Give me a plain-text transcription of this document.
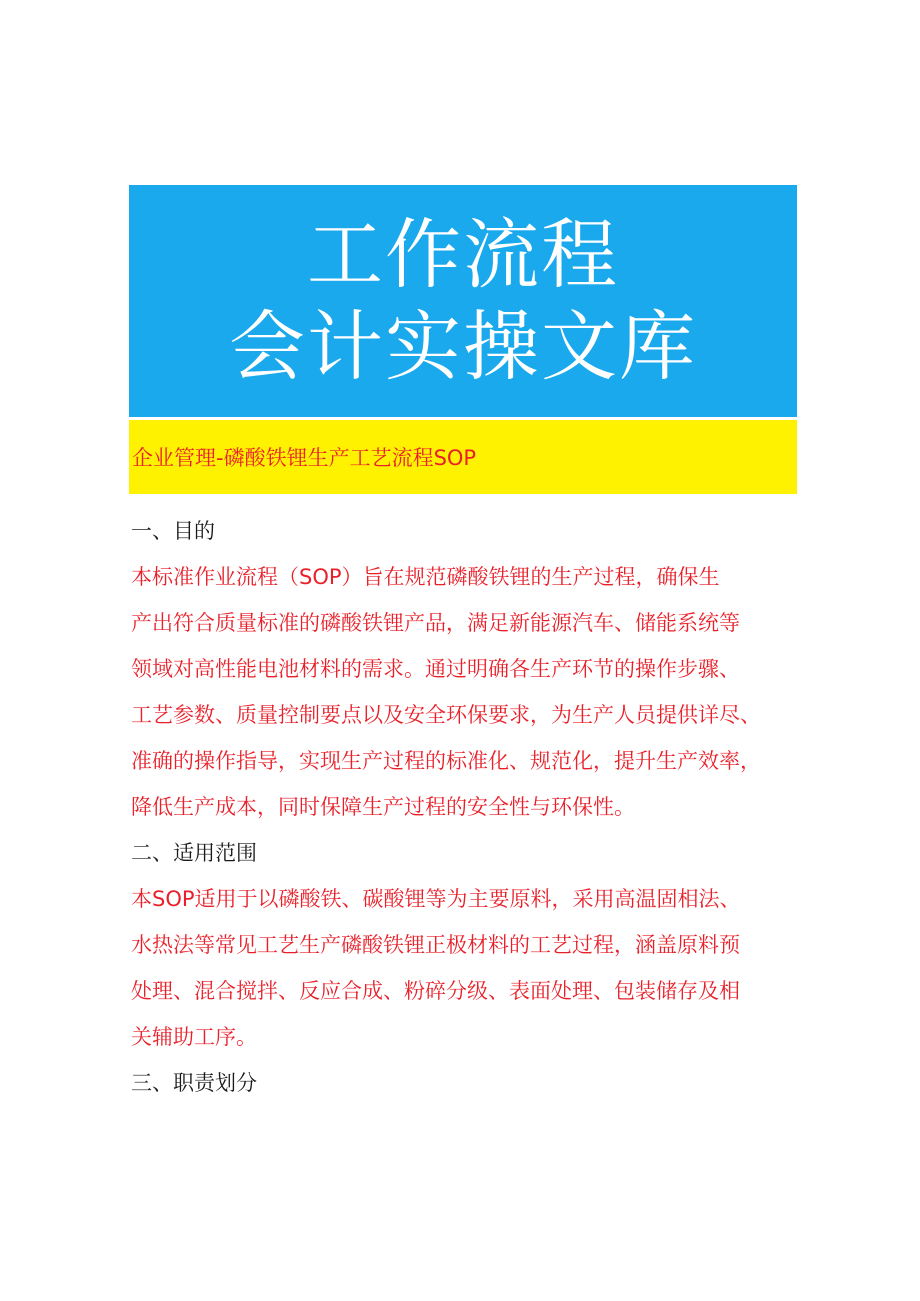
工作流程
会计实操文库
企业管理-磷酸铁锂生产工艺流程SOP

一、目的

本标准作业流程（SOP）旨在规范磷酸铁锂的生产过程，确保生

产出符合质量标准的磷酸铁锂产品，满足新能源汽车、储能系统等

领域对高性能电池材料的需求。通过明确各生产环节的操作步骤、

工艺参数、质量控制要点以及安全环保要求，为生产人员提供详尽、

准确的操作指导，实现生产过程的标准化、规范化，提升生产效率，

降低生产成本，同时保障生产过程的安全性与环保性。

二、适用范围

本SOP适用于以磷酸铁、碳酸锂等为主要原料，采用高温固相法、

水热法等常见工艺生产磷酸铁锂正极材料的工艺过程，涵盖原料预

处理、混合搅拌、反应合成、粉碎分级、表面处理、包装储存及相

关辅助工序。

三、职责划分
